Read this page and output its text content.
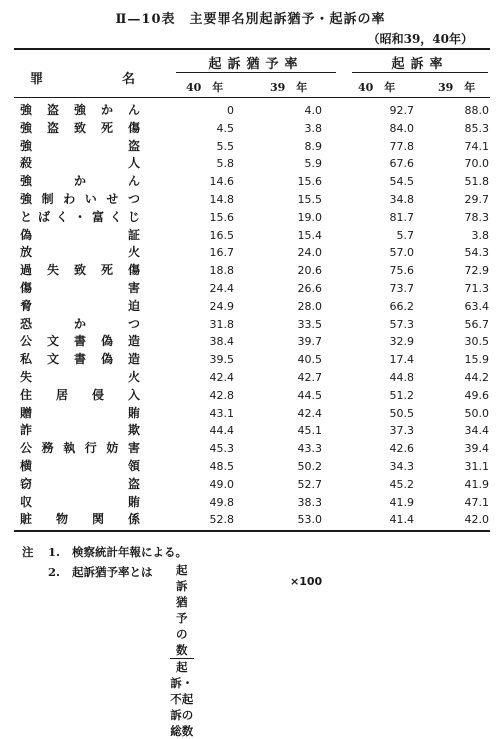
Ⅱ—10表　主要罪名別起訴猶予・起訴の率
（昭和39，40年）
罪	名
起訴猶予率
40　年	39　年
起訴率
40　年	39　年
強 盗 強 か ん	0	4.0	92.7	88.0
強 盗 致 死 傷	4.5	3.8	84.0	85.3
強	盗	5.5	8.9	77.8	74.1
殺	人	5.8	5.9	67.6	70.0
強	か	ん	14.6	15.6	54.5	51.8
強 制 わ い せ つ	14.8	15.5	34.8	29.7
と ば く ・ 富 く じ	15.6	19.0	81.7	78.3
偽	証	16.5	15.4	5.7	3.8
放	火	16.7	24.0	57.0	54.3
過 失 致 死 傷	18.8	20.6	75.6	72.9
傷	害	24.4	26.6	73.7	71.3
脅	迫	24.9	28.0	66.2	63.4
恐	か	つ	31.8	33.5	57.3	56.7
公 文 書 偽 造	38.4	39.7	32.9	30.5
私 文 書 偽 造	39.5	40.5	17.4	15.9
失	火	42.4	42.7	44.8	44.2
住 居 侵 入	42.8	44.5	51.2	49.6
贈	賄	43.1	42.4	50.5	50.0
詐	欺	44.4	45.1	37.3	34.4
公 務 執 行 妨 害	45.3	43.3	42.6	39.4
横	領	48.5	50.2	34.3	31.1
窃	盗	49.0	52.7	45.2	41.9
収	賄	49.8	38.3	41.9	47.1
賍 物 関 係	52.8	53.0	41.4	42.0
注 1. 検察統計年報による。
2. 起訴猶予率とは	起訴猶予の数
起訴・不起訴の総数
×100
